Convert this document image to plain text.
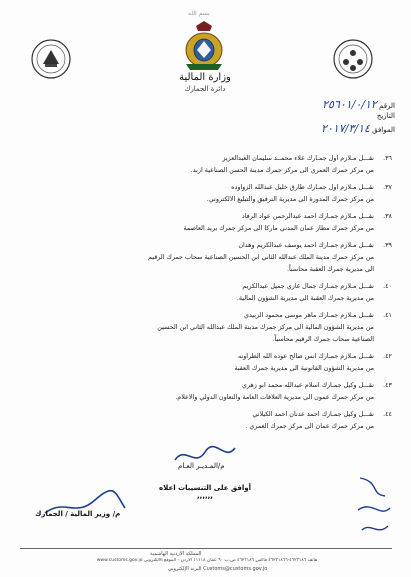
بسم الله
وزارة المالية
دائرة الجمارك
الرقم ٢٥٦٠١/٠/١٢
التاريخ
الموافق ٢٠١٧/٣/١٤
٣٦. نقـــل مـلازم اول جمـارك علاء محمــد سليمان العبدالعزيز
من مركز جمرك العمري الى مركز جمرك مدينة الحسن الصناعية اربد.
٣٧. نقـــل مـلازم اول جمـارك طارق خليل عبدالله الزواوده
من مركز جمرك المدورة الى مديرية الترفيق والتبليغ الالكتروني.
٣٨. نقـــل مـلازم جمـارك احمد عبدالرحمن عواد الرفاد
من مركز جمرك مطار عمان المدني ماركا الى مركز جمرك بريد العاصمة
٣٩. نقـــل مـلازم جمـارك احمد يوسف عبدالكريم وهدان
من مركز جمرك مدينة الملك عبدالله الثاني ابن الحسين الصناعية سحاب جمرك الرقيم
الى مديرية جمرك العقبة محاسباً.
٤٠. نقـــل مـلازم جمـارك جمال غازي جميل عبدالكريم
من مديرية جمرك العقبة الى مديرية الشؤون المالية.
٤١. نقـــل مـلازم جمـارك ماهر موسى محمود الزبيدي
من مديرية الشؤون المالية الى مركز جمرك مدينة الملك عبدالله الثاني ابن الحسين
الصناعية سحاب جمرك الرقيم محاسباً.
٤٢. نقـــل مـلازم جمـارك انس صالح عوده الله الطراونه
من مديرية الشؤون القانونية الى مديرية جمرك العقبة
٤٣. نقـــل وكيل جمـارك اسلام عبدالله محمد ابو زهري
من مركز جمرك عمون الى مديرية العلاقات العامة والتعاون الدولي والاعلام.
٤٤. نقـــل وكيل جمـارك احمد عدنان احمد الكيلاني
من مركز جمرك عمان الى مركز جمرك العمري .
م/المـديـر العـام
أوافق على التنسيبات اعلاه ,,,,,,
م/ وزير المالية / الجمارك
المملكة الاردنية الهاشمية
هاتف ٤٦٢٣١٨٦-٤٦٢٣١٨٦٦ فاكس ٤٦٢٣١٨٦ ص.ب ٩٠ عمان ١١١١٨ الاردن - الموقع الالكتروني www.customs.gov.jo
البريد الإلكتروني Customs@customs.gov.jo
